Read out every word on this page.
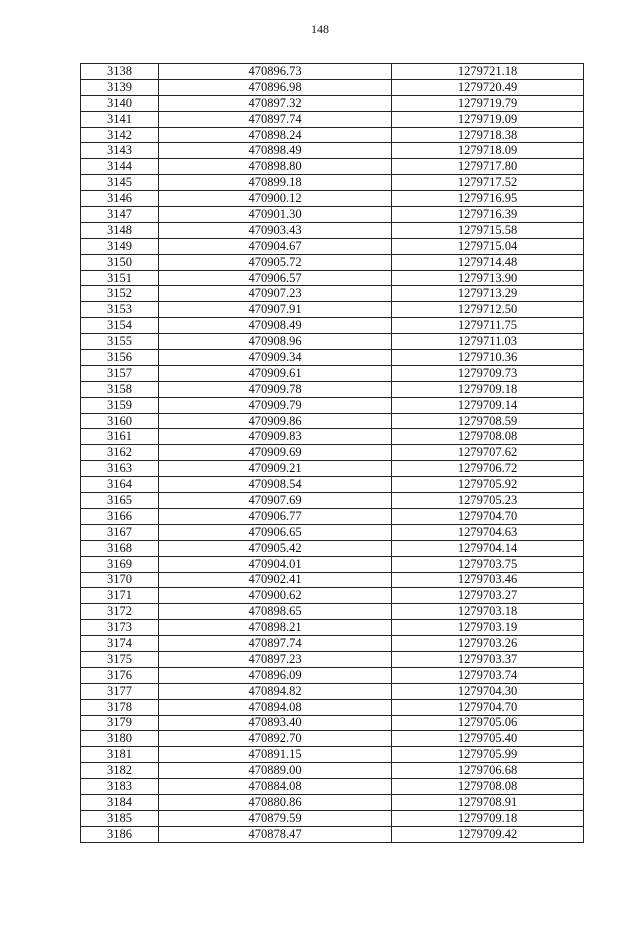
148
3138	470896.73	1279721.18
3139	470896.98	1279720.49
3140	470897.32	1279719.79
3141	470897.74	1279719.09
3142	470898.24	1279718.38
3143	470898.49	1279718.09
3144	470898.80	1279717.80
3145	470899.18	1279717.52
3146	470900.12	1279716.95
3147	470901.30	1279716.39
3148	470903.43	1279715.58
3149	470904.67	1279715.04
3150	470905.72	1279714.48
3151	470906.57	1279713.90
3152	470907.23	1279713.29
3153	470907.91	1279712.50
3154	470908.49	1279711.75
3155	470908.96	1279711.03
3156	470909.34	1279710.36
3157	470909.61	1279709.73
3158	470909.78	1279709.18
3159	470909.79	1279709.14
3160	470909.86	1279708.59
3161	470909.83	1279708.08
3162	470909.69	1279707.62
3163	470909.21	1279706.72
3164	470908.54	1279705.92
3165	470907.69	1279705.23
3166	470906.77	1279704.70
3167	470906.65	1279704.63
3168	470905.42	1279704.14
3169	470904.01	1279703.75
3170	470902.41	1279703.46
3171	470900.62	1279703.27
3172	470898.65	1279703.18
3173	470898.21	1279703.19
3174	470897.74	1279703.26
3175	470897.23	1279703.37
3176	470896.09	1279703.74
3177	470894.82	1279704.30
3178	470894.08	1279704.70
3179	470893.40	1279705.06
3180	470892.70	1279705.40
3181	470891.15	1279705.99
3182	470889.00	1279706.68
3183	470884.08	1279708.08
3184	470880.86	1279708.91
3185	470879.59	1279709.18
3186	470878.47	1279709.42
